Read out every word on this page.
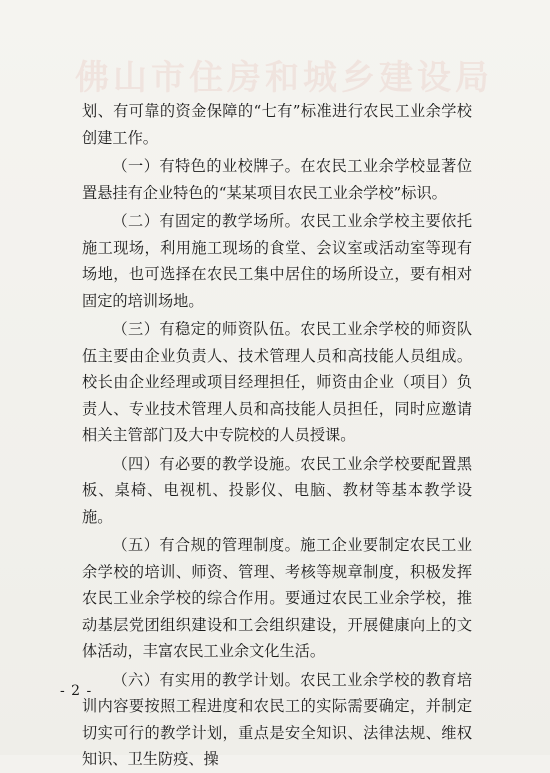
佛山市住房和城乡建设局

划、有可靠的资金保障的“七有”标准进行农民工业余学校创建工作。

（一）有特色的业校牌子。在农民工业余学校显著位置悬挂有企业特色的“某某项目农民工业余学校”标识。

（二）有固定的教学场所。农民工业余学校主要依托施工现场，利用施工现场的食堂、会议室或活动室等现有场地，也可选择在农民工集中居住的场所设立，要有相对固定的培训场地。

（三）有稳定的师资队伍。农民工业余学校的师资队伍主要由企业负责人、技术管理人员和高技能人员组成。校长由企业经理或项目经理担任，师资由企业（项目）负责人、专业技术管理人员和高技能人员担任，同时应邀请相关主管部门及大中专院校的人员授课。

（四）有必要的教学设施。农民工业余学校要配置黑板、桌椅、电视机、投影仪、电脑、教材等基本教学设施。

（五）有合规的管理制度。施工企业要制定农民工业余学校的培训、师资、管理、考核等规章制度，积极发挥农民工业余学校的综合作用。要通过农民工业余学校，推动基层党团组织建设和工会组织建设，开展健康向上的文体活动，丰富农民工业余文化生活。

（六）有实用的教学计划。农民工业余学校的教育培训内容要按照工程进度和农民工的实际需要确定，并制定切实可行的教学计划，重点是安全知识、法律法规、维权知识、卫生防疫、操

- 2 -
